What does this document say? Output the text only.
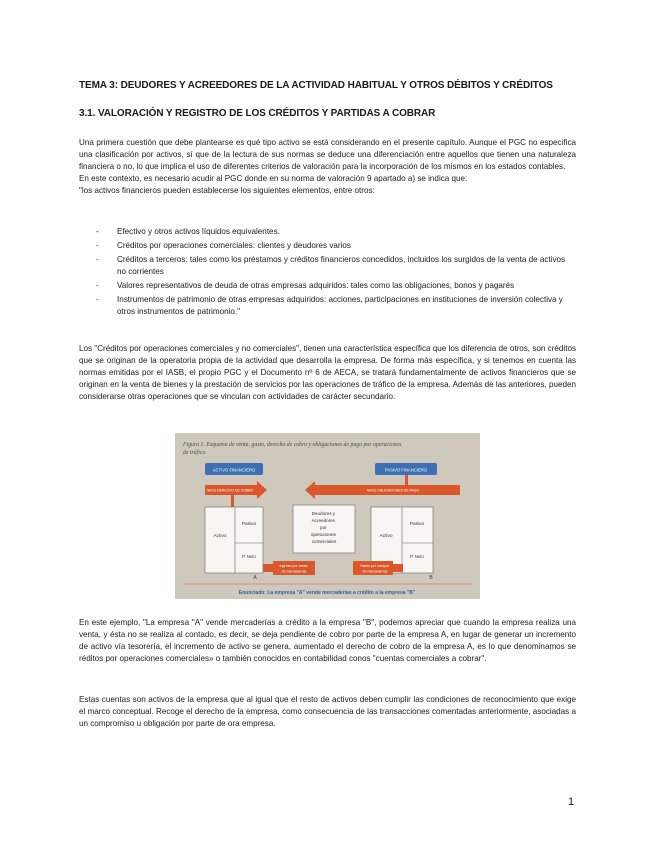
TEMA 3: DEUDORES Y ACREEDORES DE LA ACTIVIDAD HABITUAL Y OTROS DÉBITOS Y CRÉDITOS
3.1. VALORACIÓN Y REGISTRO DE LOS CRÉDITOS Y PARTIDAS A COBRAR
Una primera cuestión que debe plantearse es qué tipo activo se está considerando en el presente capítulo. Aunque el PGC no especifica una clasificación por activos, sí que de la lectura de sus normas se deduce una diferenciación entre aquellos que tienen una naturaleza financiera o no, lo que implica el uso de diferentes criterios de valoración para la incorporación de los mismos en los estados contables.
En este contexto, es necesario acudir al PGC donde en su norma de valoración 9 apartado a) se indica que:
"los activos financieros pueden establecerse los siguientes elementos, entre otros:
- Efectivo y otros activos líquidos equivalentes.
- Créditos por operaciones comerciales: clientes y deudores varios
- Créditos a terceros: tales como los préstamos y créditos financieros concedidos, incluidos los surgidos de la venta de activos no corrientes
- Valores representativos de deuda de otras empresas adquiridos: tales como las obligaciones, bonos y pagarés
- Instrumentos de patrimonio de otras empresas adquiridos: acciones, participaciones en instituciones de inversión colectiva y otros instrumentos de patrimonio."
Los "Créditos por operaciones comerciales y no comerciales", tienen una característica específica que los diferencia de otros, son créditos que se originan de la operatoria propia de la actividad que desarrolla la empresa. De forma más específica, y si tenemos en cuenta las normas emitidas por el IASB, el propio PGC y el Documento nº 6 de AECA, se tratará fundamentalmente de activos financieros que se originan en la venta de bienes y la prestación de servicios por las operaciones de tráfico de la empresa. Además de las anteriores, pueden considerarse otras operaciones que se vinculan con actividades de carácter secundario.
Figura 1. Esquema de venta, gasto, derecho de cobro y obligaciones de pago por operaciones de tráfico
ACTIVO FINANCIERO	PASIVO FINANCIERO
NACE DERECHO DE COBRO	NACE OBLIGACIONES DE PAGO
Activo
Pasivo
P. Neto
A
Deudores y Acreedores por operaciones comerciales
Activo
Pasivo
P. Neto
B
Ingreso por venta de mercaderías
Gasto por compra de mercaderías
Enunciado: La empresa "A" vende mercaderías a crédito a la empresa "B"
En este ejemplo, "La empresa "A" vende mercaderías a crédito a la empresa "B", podemos apreciar que cuando la empresa realiza una venta, y ésta no se realiza al contado, es decir, se deja pendiente de cobro por parte de la empresa A, en lugar de generar un incremento de activo vía tesorería, el incremento de activo se genera, aumentado el derecho de cobro de la empresa A, es lo que denominamos se réditos por operaciones comerciales» o también conocidos en contabilidad conos "cuentas comerciales a cobrar".
Estas cuentas son activos de la empresa que al igual que el resto de activos deben cumplir las condiciones de reconocimiento que exige el marco conceptual. Recoge el derecho de la empresa, como consecuencia de las transacciones comentadas anteriormente, asociadas a un compromiso u obligación por parte de ora empresa.
1
